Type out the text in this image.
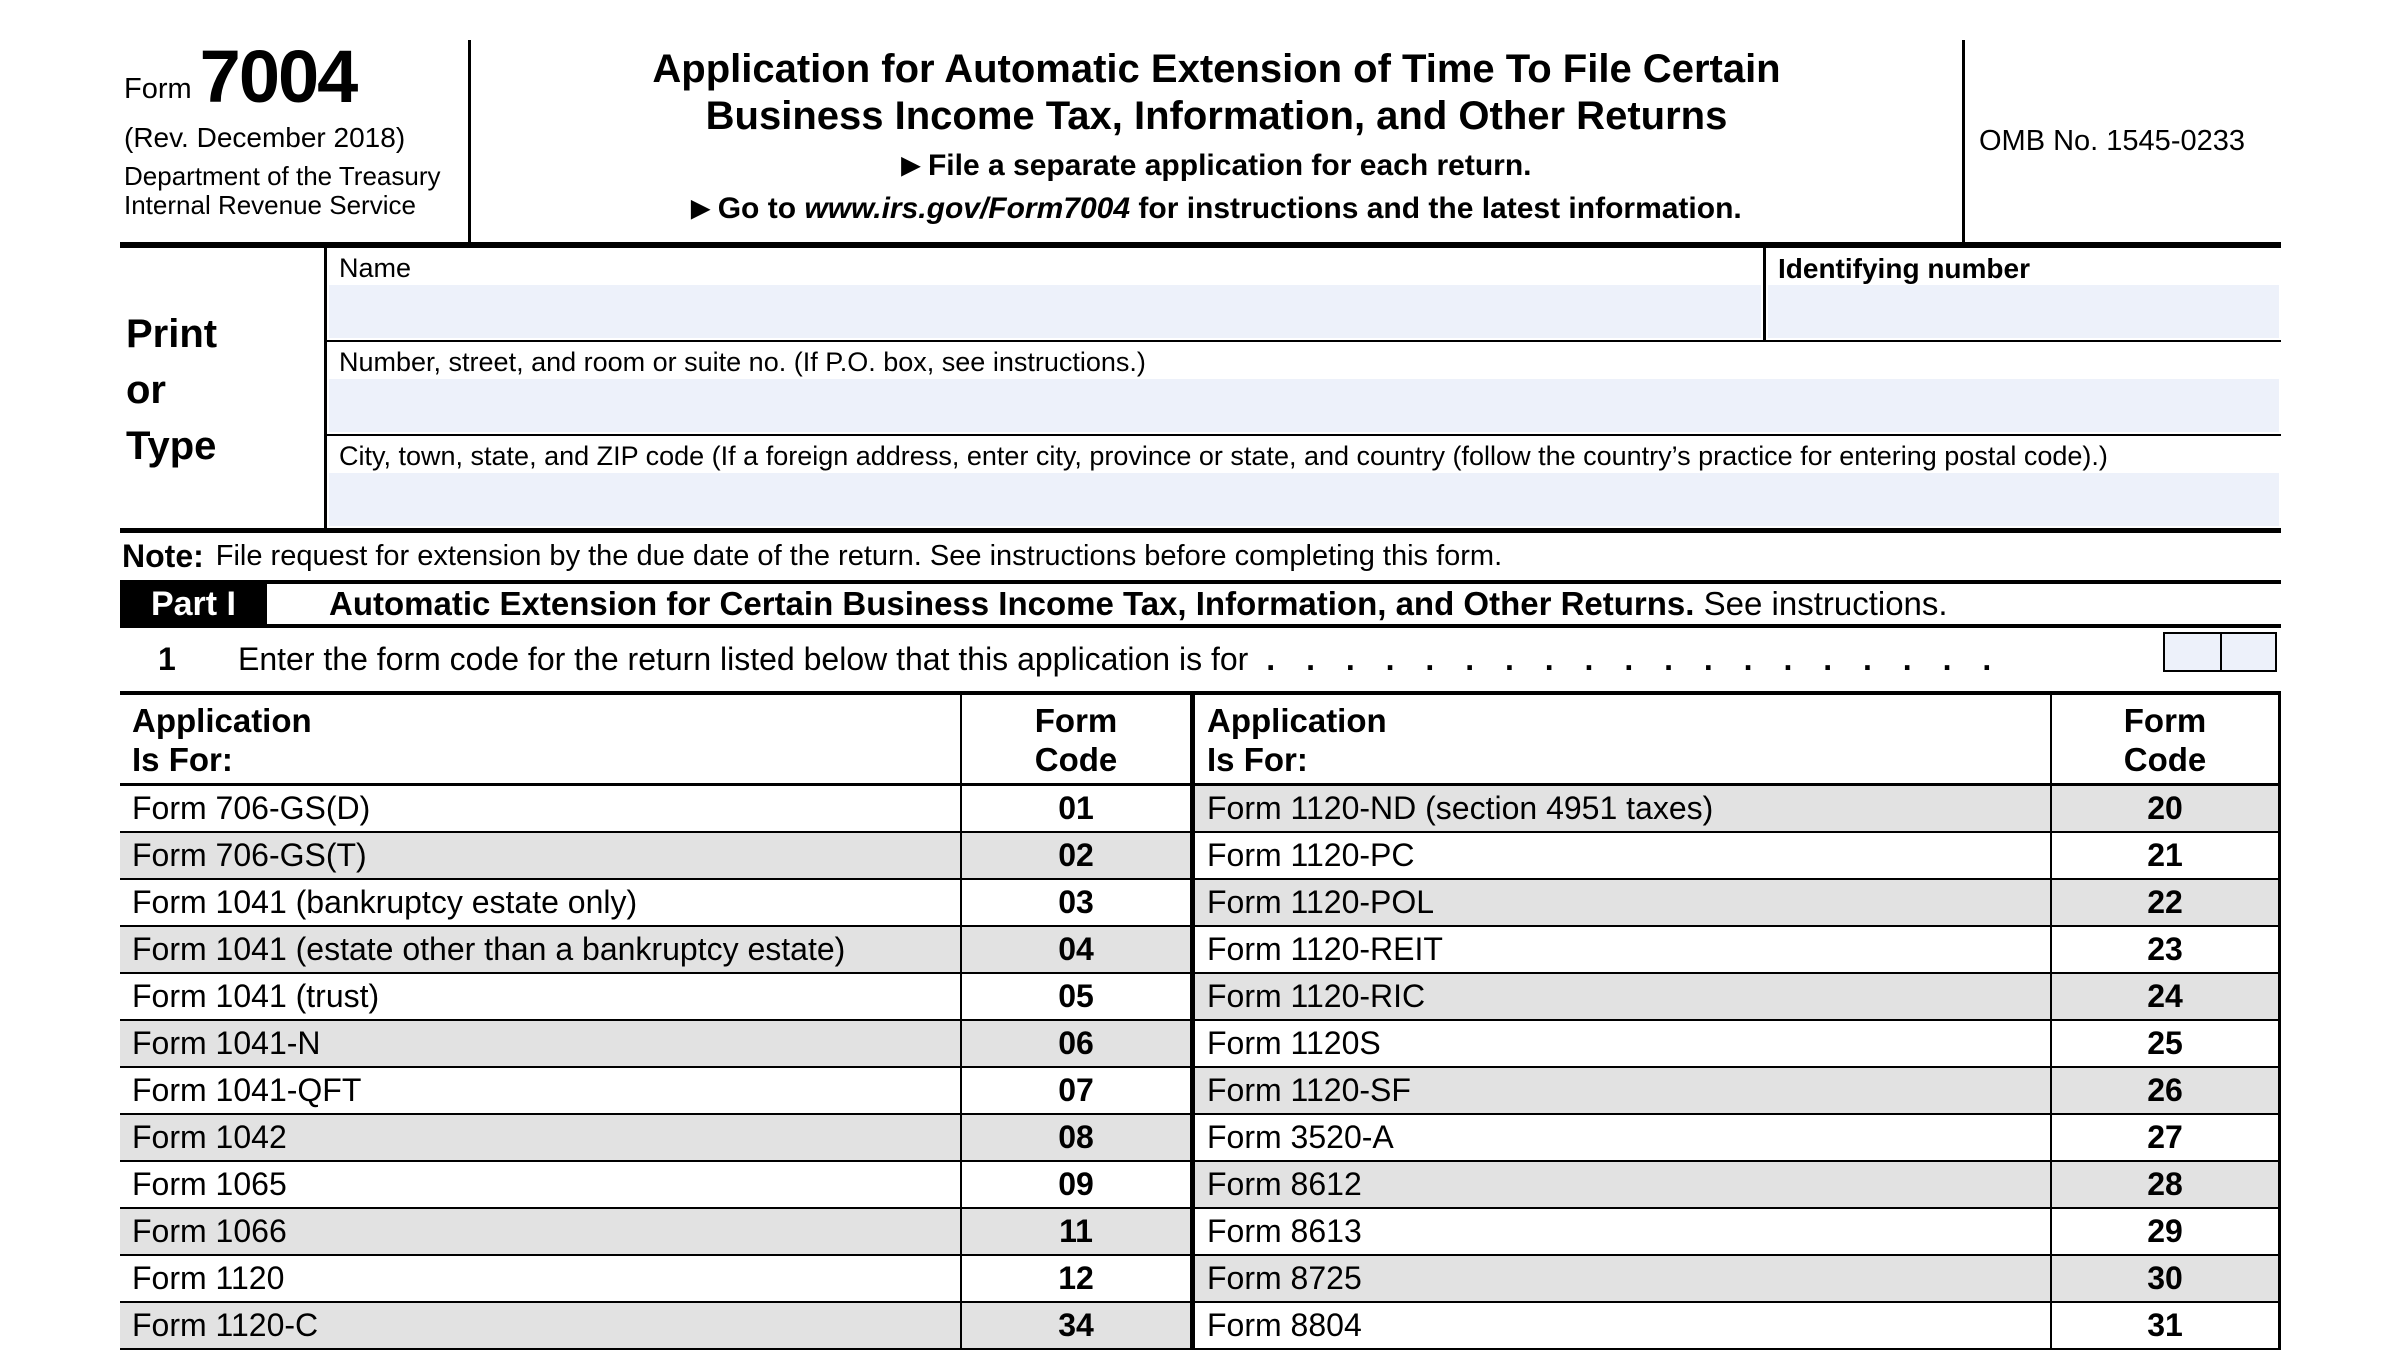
Form 7004
(Rev. December 2018)
Department of the Treasury
Internal Revenue Service
Application for Automatic Extension of Time To File Certain
Business Income Tax, Information, and Other Returns
▶ File a separate application for each return.
▶ Go to www.irs.gov/Form7004 for instructions and the latest information.
OMB No. 1545-0233
Print
or
Type
Name	Identifying number
Number, street, and room or suite no. (If P.O. box, see instructions.)
City, town, state, and ZIP code (If a foreign address, enter city, province or state, and country (follow the country’s practice for entering postal code).)
Note: File request for extension by the due date of the return. See instructions before completing this form.
Part I	Automatic Extension for Certain Business Income Tax, Information, and Other Returns. See instructions.
1	Enter the form code for the return listed below that this application is for . . . . . . . . . . . . . . . . . . .
Application
Is For:
Form
Code
Form 706-GS(D)	01
Form 706-GS(T)	02
Form 1041 (bankruptcy estate only)	03
Form 1041 (estate other than a bankruptcy estate)	04
Form 1041 (trust)	05
Form 1041-N	06
Form 1041-QFT	07
Form 1042	08
Form 1065	09
Form 1066	11
Form 1120	12
Form 1120-C	34
Application
Is For:
Form
Code
Form 1120-ND (section 4951 taxes)	20
Form 1120-PC	21
Form 1120-POL	22
Form 1120-REIT	23
Form 1120-RIC	24
Form 1120S	25
Form 1120-SF	26
Form 3520-A	27
Form 8612	28
Form 8613	29
Form 8725	30
Form 8804	31
